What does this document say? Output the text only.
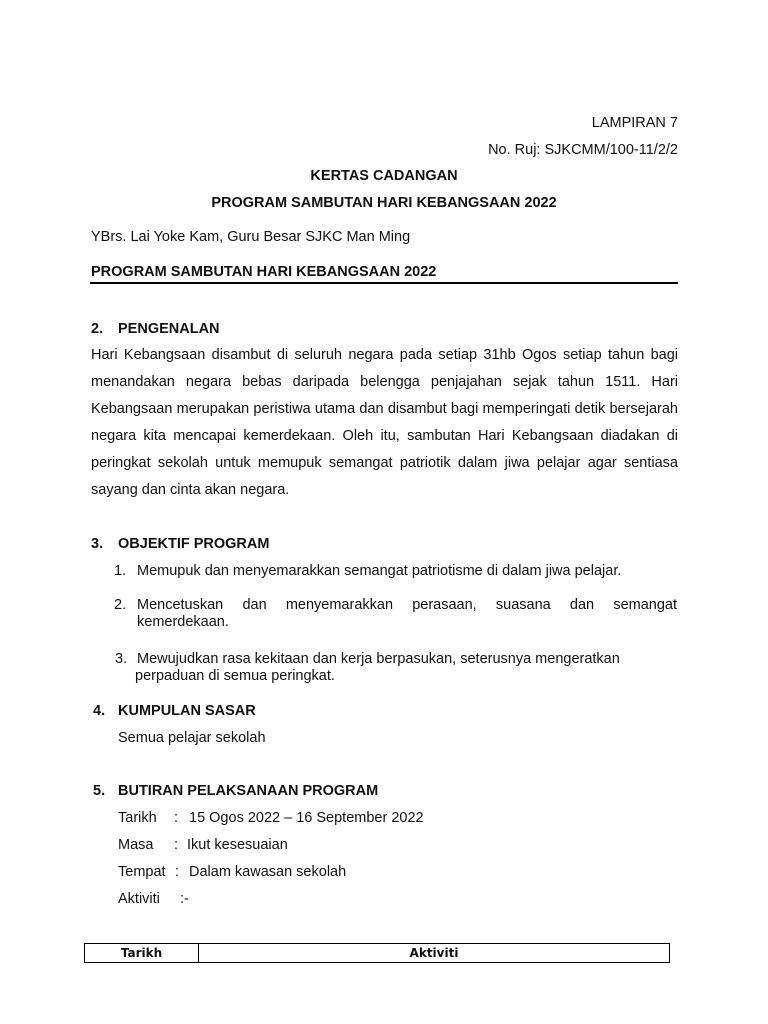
LAMPIRAN 7
No. Ruj: SJKCMM/100-11/2/2
KERTAS CADANGAN
PROGRAM SAMBUTAN HARI KEBANGSAAN 2022
YBrs. Lai Yoke Kam, Guru Besar SJKC Man Ming
PROGRAM SAMBUTAN HARI KEBANGSAAN 2022
2. PENGENALAN
Hari Kebangsaan disambut di seluruh negara pada setiap 31hb Ogos setiap tahun bagi menandakan negara bebas daripada belengga penjajahan sejak tahun 1511. Hari Kebangsaan merupakan peristiwa utama dan disambut bagi memperingati detik bersejarah negara kita mencapai kemerdekaan. Oleh itu, sambutan Hari Kebangsaan diadakan di peringkat sekolah untuk memupuk semangat patriotik dalam jiwa pelajar agar sentiasa sayang dan cinta akan negara.
3. OBJEKTIF PROGRAM
1. Memupuk dan menyemarakkan semangat patriotisme di dalam jiwa pelajar.
2. Mencetuskan dan menyemarakkan perasaan, suasana dan semangat
kemerdekaan.
3. Mewujudkan rasa kekitaan dan kerja berpasukan, seterusnya mengeratkan
perpaduan di semua peringkat.
4. KUMPULAN SASAR
Semua pelajar sekolah
5. BUTIRAN PELAKSANAAN PROGRAM
Tarikh : 15 Ogos 2022 – 16 September 2022
Masa : Ikut kesesuaian
Tempat : Dalam kawasan sekolah
Aktiviti :-
Tarikh	Aktiviti
